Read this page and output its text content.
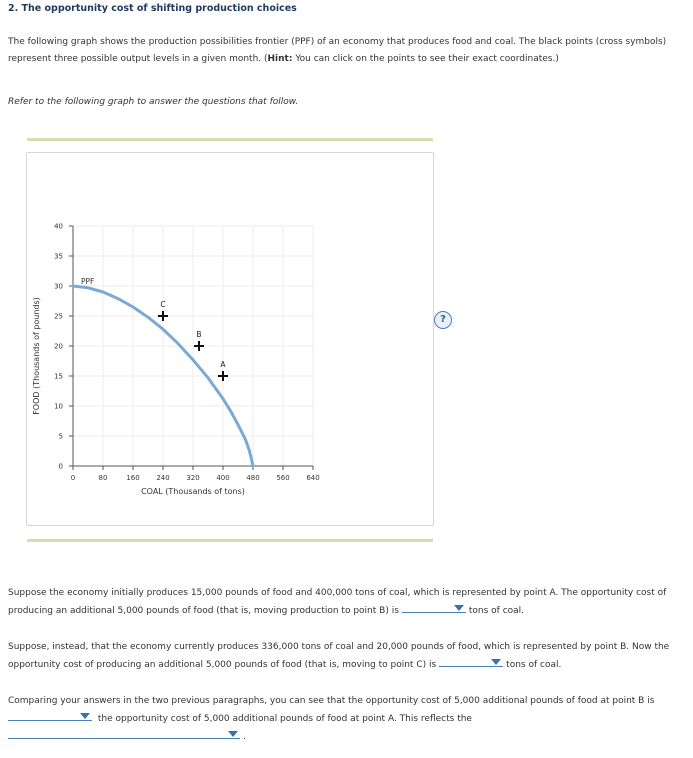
2. The opportunity cost of shifting production choices
The following graph shows the production possibilities frontier (PPF) of an economy that produces food and coal. The black points (cross symbols) represent three possible output levels in a given month. (Hint: You can click on the points to see their exact coordinates.)
Refer to the following graph to answer the questions that follow.
?
0	80	160 240 320 400 480 560 640
0
5
10
15
20
25
30
35
40
COAL (Thousands of tons)
FOOD (Thousands of pounds)
PPF
C
B
A
Suppose the economy initially produces 15,000 pounds of food and 400,000 tons of coal, which is represented by point A. The opportunity cost of producing an additional 5,000 pounds of food (that is, moving production to point B) is	tons of coal.
Suppose, instead, that the economy currently produces 336,000 tons of coal and 20,000 pounds of food, which is represented by point B. Now the opportunity cost of producing an additional 5,000 pounds of food (that is, moving to point C) is	tons of coal.
Comparing your answers in the two previous paragraphs, you can see that the opportunity cost of 5,000 additional pounds of food at point B is

the opportunity cost of 5,000 additional pounds of food at point A. This reflects the

.
